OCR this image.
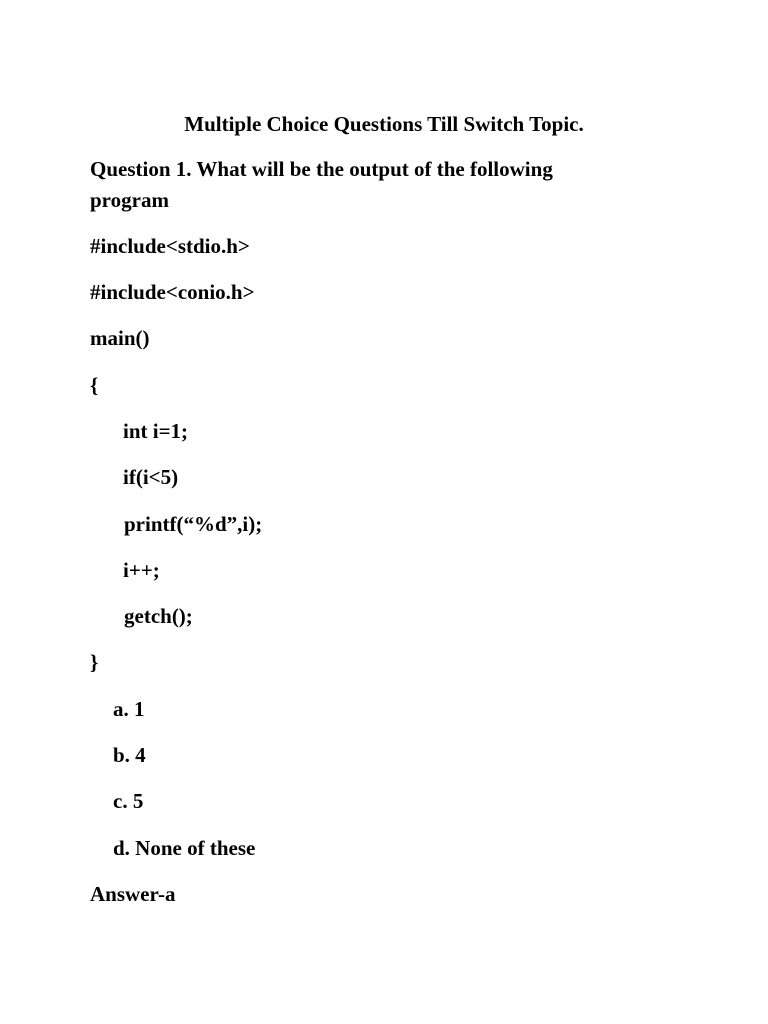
Multiple Choice Questions Till Switch Topic.
Question 1. What will be the output of the following program
#include<stdio.h>
#include<conio.h>
main()
{
int i=1;
if(i<5)
printf(“%d”,i);
i++;
getch();
}
a. 1
b. 4
c. 5
d. None of these
Answer-a
